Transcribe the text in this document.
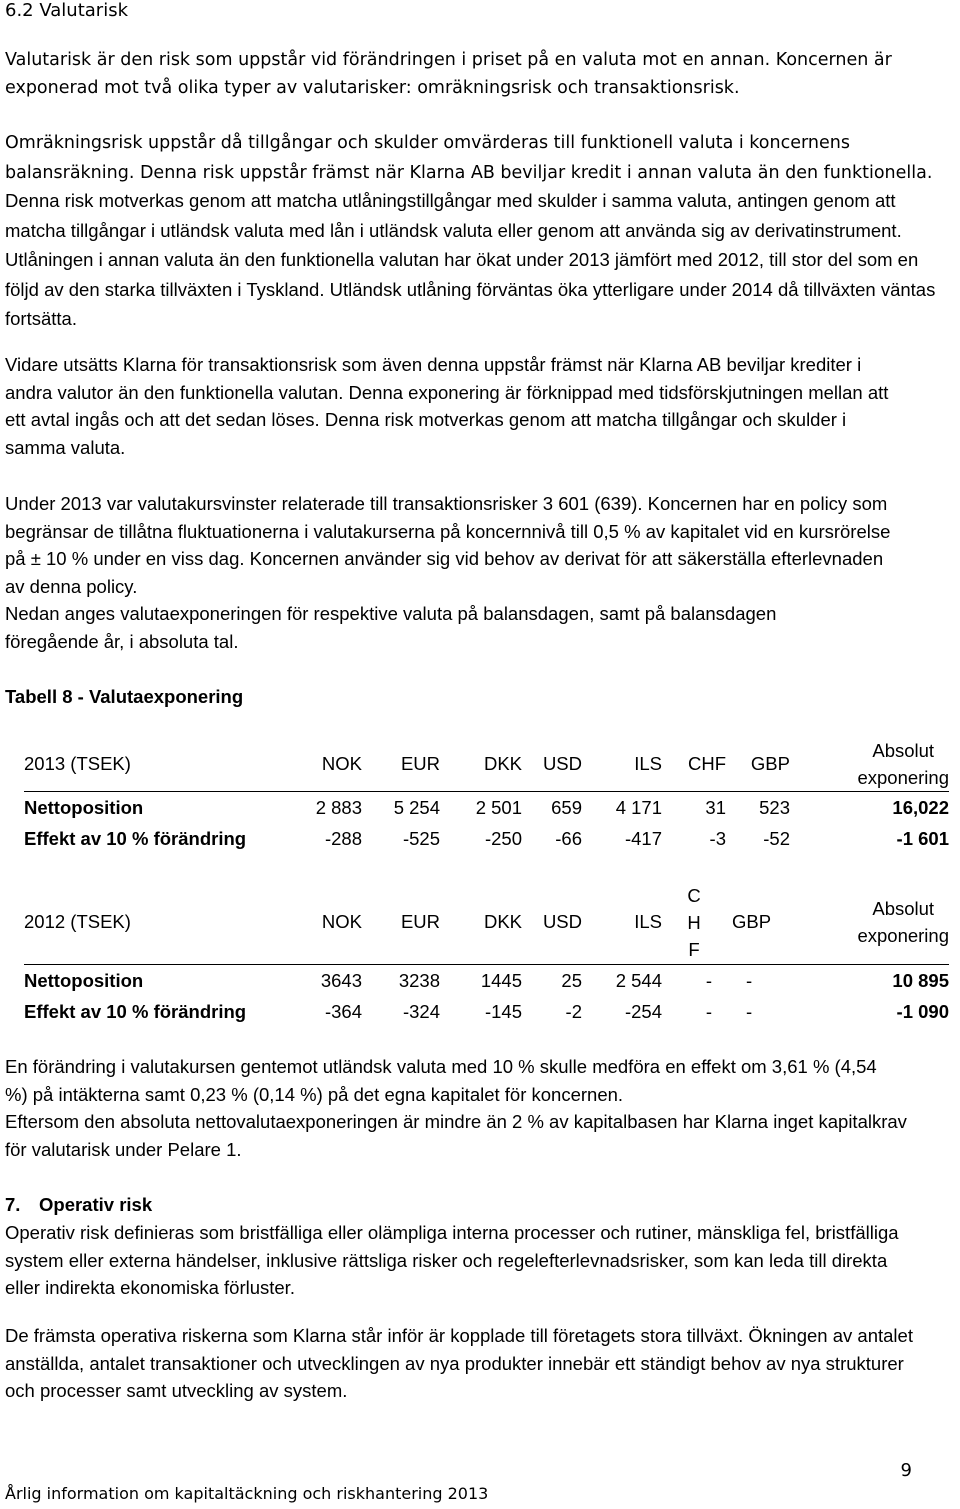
6.2 Valutarisk

Valutarisk är den risk som uppstår vid förändringen i priset på en valuta mot en annan. Koncernen är exponerad mot två olika typer av valutarisker: omräkningsrisk och transaktionsrisk.

Omräkningsrisk uppstår då tillgångar och skulder omvärderas till funktionell valuta i koncernens balansräkning. Denna risk uppstår främst när Klarna AB beviljar kredit i annan valuta än den funktionella. Denna risk motverkas genom att matcha utlåningstillgångar med skulder i samma valuta, antingen genom att matcha tillgångar i utländsk valuta med lån i utländsk valuta eller genom att använda sig av derivatinstrument. Utlåningen i annan valuta än den funktionella valutan har ökat under 2013 jämfört med 2012, till stor del som en följd av den starka tillväxten i Tyskland. Utländsk utlåning förväntas öka ytterligare under 2014 då tillväxten väntas fortsätta.

Vidare utsätts Klarna för transaktionsrisk som även denna uppstår främst när Klarna AB beviljar krediter i andra valutor än den funktionella valutan. Denna exponering är förknippad med tidsförskjutningen mellan att ett avtal ingås och att det sedan löses. Denna risk motverkas genom att matcha tillgångar och skulder i samma valuta.

Under 2013 var valutakursvinster relaterade till transaktionsrisker 3 601 (639). Koncernen har en policy som begränsar de tillåtna fluktuationerna i valutakurserna på koncernnivå till 0,5 % av kapitalet vid en kursrörelse på ± 10 % under en viss dag. Koncernen använder sig vid behov av derivat för att säkerställa efterlevnaden av denna policy.

Nedan anges valutaexponeringen för respektive valuta på balansdagen, samt på balansdagen föregående år, i absoluta tal.

Tabell 8 - Valutaexponering
2013 (TSEK)	NOK	EUR	DKK	USD	ILS	CHF	GBP	Absolut
exponering
Nettoposition	2 883	5 254	2 501	659	4 171	31	523	16,022
Effekt av 10 % förändring	-288	-525	-250	-66	-417	-3	-52	-1 601
2012 (TSEK)	NOK	EUR	DKK	USD	ILS	C
H
F	GBP	Absolut
exponering
Nettoposition	3643	3238	1445	25	2 544	-	-	10 895
Effekt av 10 % förändring	-364	-324	-145	-2	-254	-	-	-1 090

En förändring i valutakursen gentemot utländsk valuta med 10 % skulle medföra en effekt om 3,61 % (4,54 %) på intäkterna samt 0,23 % (0,14 %) på det egna kapitalet för koncernen.

Eftersom den absoluta nettovalutaexponeringen är mindre än 2 % av kapitalbasen har Klarna inget kapitalkrav för valutarisk under Pelare 1.

7. Operativ risk

Operativ risk definieras som bristfälliga eller olämpliga interna processer och rutiner, mänskliga fel, bristfälliga system eller externa händelser, inklusive rättsliga risker och regelefterlevnadsrisker, som kan leda till direkta eller indirekta ekonomiska förluster.

De främsta operativa riskerna som Klarna står inför är kopplade till företagets stora tillväxt. Ökningen av antalet anställda, antalet transaktioner och utvecklingen av nya produkter innebär ett ständigt behov av nya strukturer och processer samt utveckling av system.

9
Årlig information om kapitaltäckning och riskhantering 2013
